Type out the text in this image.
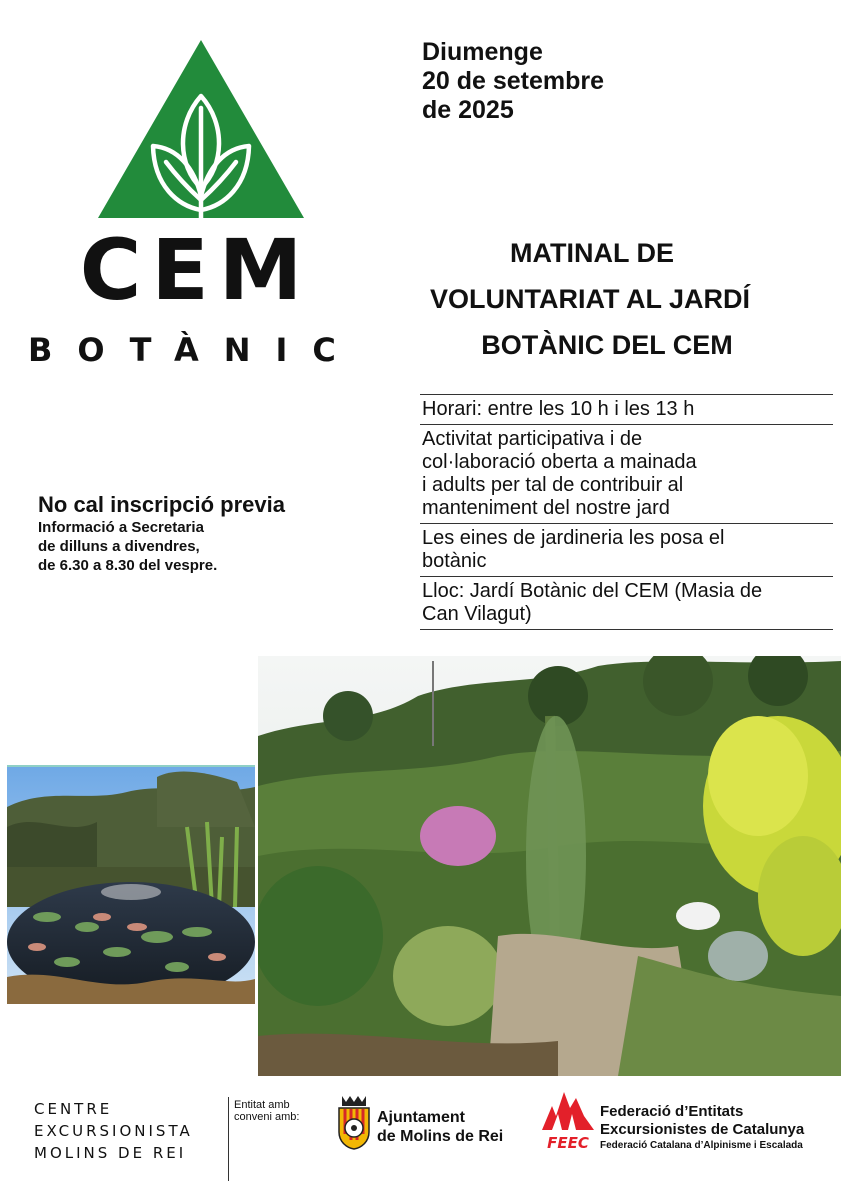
CEM
BOTÀNIC
Diumenge
20 de setembre
de 2025
MATINAL DE
VOLUNTARIAT AL JARDÍ
BOTÀNIC DEL CEM
Horari: entre les 10 h i les 13 h
Activitat participativa i de
col·laboració oberta a mainada
i adults per tal de contribuir al
manteniment del nostre jard
Les eines de jardineria les posa el
botànic
Lloc: Jardí Botànic del CEM (Masia de
Can Vilagut)
No cal inscripció previa
Informació a Secretaria
de dilluns a divendres,
de 6.30 a 8.30 del vespre.
CENTRE
EXCURSIONISTA
MOLINS DE REI
Entitat amb
conveni amb:	Ajuntament
de Molins de Rei	FEEC
Federació d’Entitats
Excursionistes de Catalunya
Federació Catalana d’Alpinisme i Escalada
